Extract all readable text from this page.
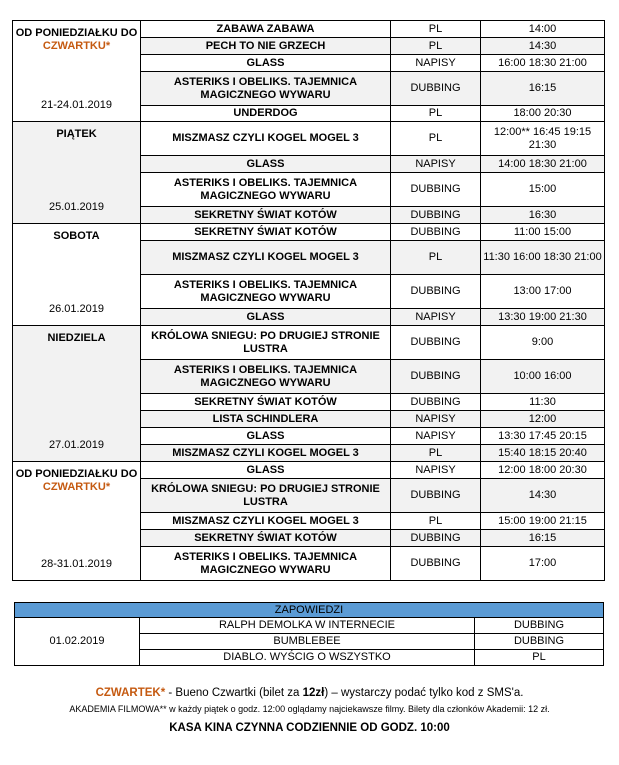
OD PONIEDZIAŁKU DO CZWARTKU*
21-24.01.2019	ZABAWA ZABAWA	PL	14:00
	PECH TO NIE GRZECH	PL	14:30
	GLASS	NAPISY	16:00 18:30 21:00
	ASTERIKS I OBELIKS. TAJEMNICA MAGICZNEGO WYWARU	DUBBING	16:15
	UNDERDOG	PL	18:00 20:30

PIĄTEK
25.01.2019	MISZMASZ CZYLI KOGEL MOGEL 3	PL	12:00** 16:45 19:15 21:30
	GLASS	NAPISY	14:00 18:30 21:00
	ASTERIKS I OBELIKS. TAJEMNICA MAGICZNEGO WYWARU	DUBBING	15:00
	SEKRETNY ŚWIAT KOTÓW	DUBBING	16:30

SOBOTA
26.01.2019	SEKRETNY ŚWIAT KOTÓW	DUBBING	11:00 15:00
	MISZMASZ CZYLI KOGEL MOGEL 3	PL	11:30 16:00 18:30 21:00
	ASTERIKS I OBELIKS. TAJEMNICA MAGICZNEGO WYWARU	DUBBING	13:00 17:00
	GLASS	NAPISY	13:30 19:00 21:30

NIEDZIELA
27.01.2019	KRÓLOWA SNIEGU: PO DRUGIEJ STRONIE LUSTRA	DUBBING	9:00
	ASTERIKS I OBELIKS. TAJEMNICA MAGICZNEGO WYWARU	DUBBING	10:00 16:00
	SEKRETNY ŚWIAT KOTÓW	DUBBING	11:30
	LISTA SCHINDLERA	NAPISY	12:00
	GLASS	NAPISY	13:30 17:45 20:15
	MISZMASZ CZYLI KOGEL MOGEL 3	PL	15:40 18:15 20:40

OD PONIEDZIAŁKU DO CZWARTKU*
28-31.01.2019	GLASS	NAPISY	12:00 18:00 20:30
	KRÓLOWA SNIEGU: PO DRUGIEJ STRONIE LUSTRA	DUBBING	14:30
	MISZMASZ CZYLI KOGEL MOGEL 3	PL	15:00 19:00 21:15
	SEKRETNY ŚWIAT KOTÓW	DUBBING	16:15
	ASTERIKS I OBELIKS. TAJEMNICA MAGICZNEGO WYWARU	DUBBING	17:00
ZAPOWIEDZI		
01.02.2019	RALPH DEMOLKA W INTERNECIE	DUBBING
	BUMBLEBEE	DUBBING
	DIABLO. WYŚCIG O WSZYSTKO	PL
CZWARTEK* - Bueno Czwartki (bilet za 12zł) – wystarczy podać tylko kod z SMS'a.
AKADEMIA FILMOWA** w każdy piątek o godz. 12:00 oglądamy najciekawsze filmy. Bilety dla członków Akademii: 12 zł.
KASA KINA CZYNNA CODZIENNIE OD GODZ. 10:00
